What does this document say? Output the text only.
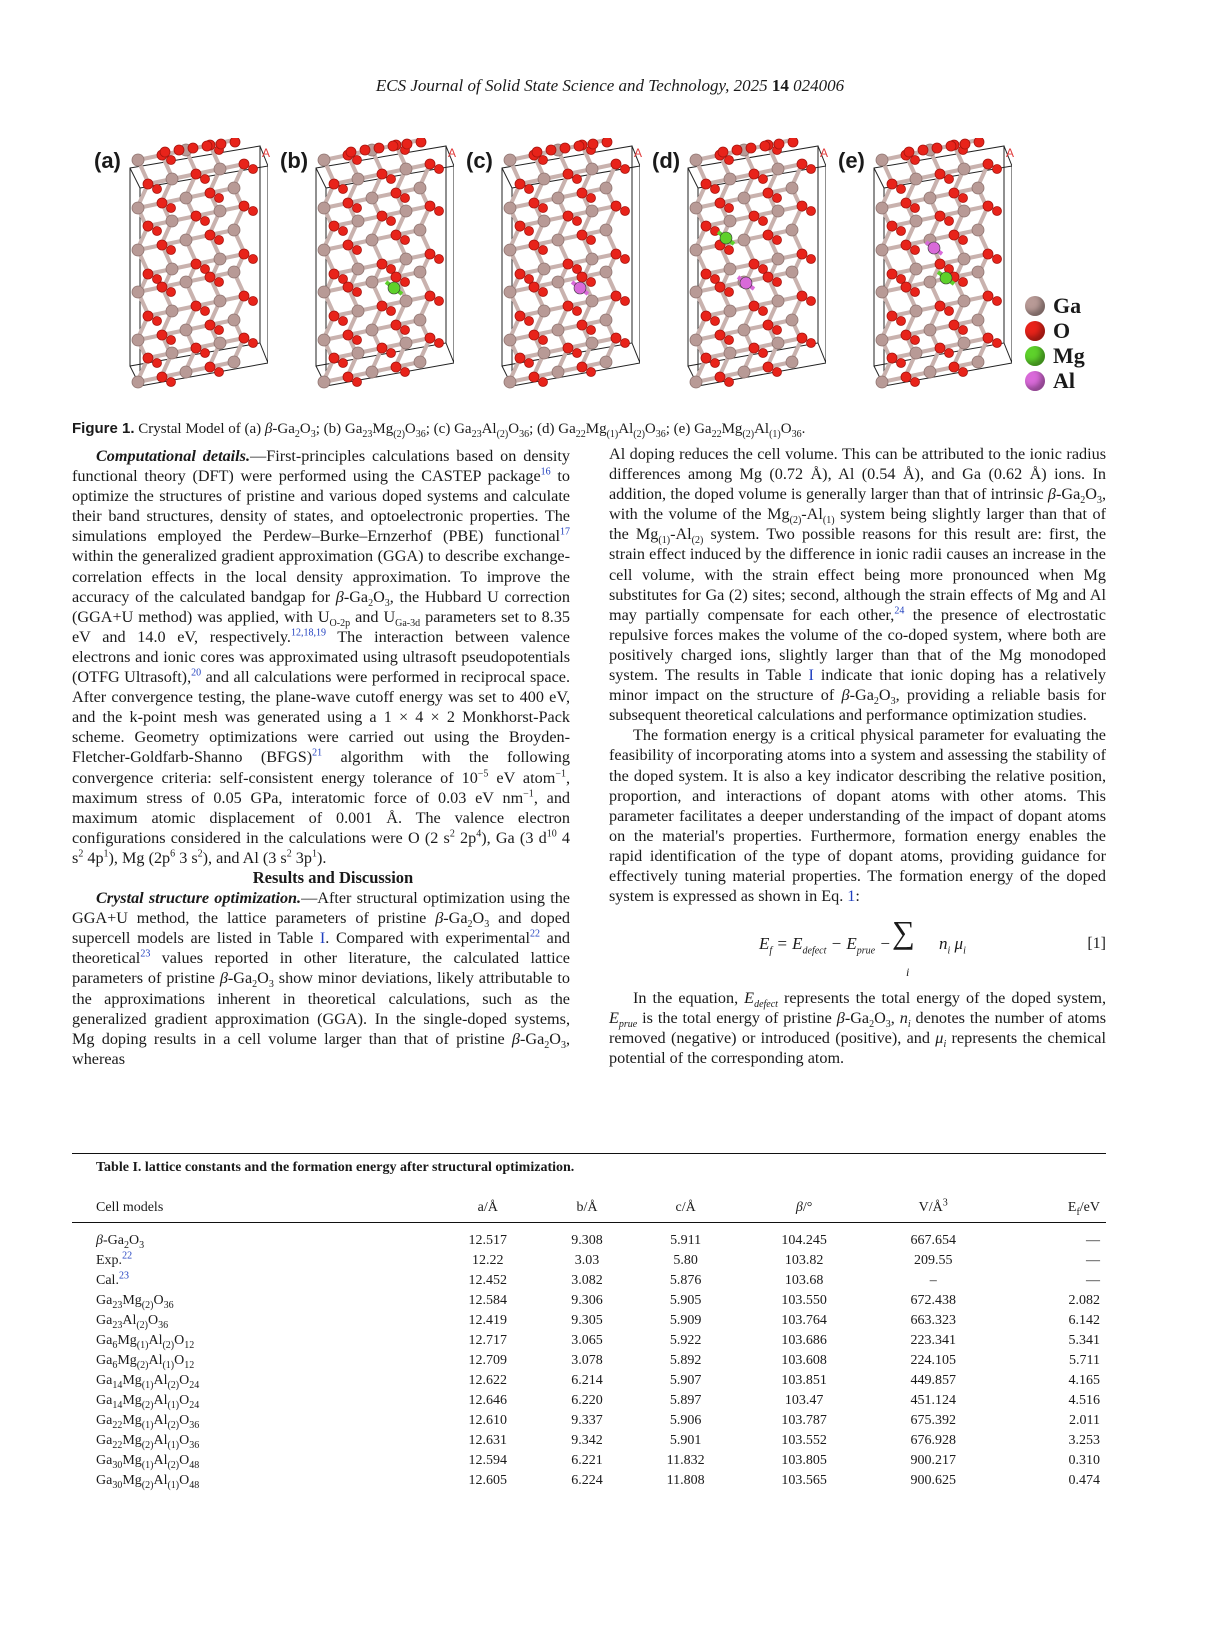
ECS Journal of Solid State Science and Technology, 2025 14 024006
(a)	A (b)	A (c)	A (d)	A (e)	A
Ga
O
Mg
Al
Figure 1. Crystal Model of (a) $\beta-Ga_2O_3$; (b) $Ga_{23}Mg_{(2)}O_{36}$; (c) $Ga_{23}Al_{(2)}O_{36}$; (d) $Ga_{22}Mg_{(1)}Al_{(2)}O_{36}$; (e) $Ga_{22}Mg_{(2)}Al_{(1)}O_{36}$.

Computational details.—First-principles calculations based on density functional theory (DFT) were performed using the CASTEP package$^{16}$ to optimize the structures of pristine and various doped systems and calculate their band structures, density of states, and optoelectronic properties. The simulations employed the Perdew–Burke–Ernzerhof (PBE) functional$^{17}$ within the generalized gradient approximation (GGA) to describe exchange-correlation effects in the local density approximation. To improve the accuracy of the calculated bandgap for $\beta-Ga_2O_3$, the Hubbard U correction (GGA+U method) was applied, with $U_{O-2p}$ and $U_{Ga-3d}$ parameters set to 8.35 eV and 14.0 eV, respectively.$^{12,18,19}$ The interaction between valence electrons and ionic cores was approximated using ultrasoft pseudopotentials (OTFG Ultrasoft),$^{20}$ and all calculations were performed in reciprocal space. After convergence testing, the plane-wave cutoff energy was set to 400 eV, and the k-point mesh was generated using a 1 × 4 × 2 Monkhorst-Pack scheme. Geometry optimizations were carried out using the Broyden-Fletcher-Goldfarb-Shanno (BFGS)$^{21}$ algorithm with the following convergence criteria: self-consistent energy tolerance of $10^{-5}$ eV atom$^{-1}$, maximum stress of 0.05 GPa, interatomic force of 0.03 eV $nm^{-1}$, and maximum atomic displacement of 0.001 Å. The valence electron configurations considered in the calculations were O (2 $s^2$ $2p^4$), Ga (3 $d^{10}$ 4 $s^2$ $4p^1$), Mg ($2p^6$ 3 $s^2$), and Al (3 $s^2$ $3p^1$).

Results and Discussion

Crystal structure optimization.—After structural optimization using the GGA+U method, the lattice parameters of pristine $\beta-Ga_2O_3$ and doped supercell models are listed in Table I. Compared with experimental$^{22}$ and theoretical$^{23}$ values reported in other literature, the calculated lattice parameters of pristine $\beta-Ga_2O_3$ show minor deviations, likely attributable to the approximations inherent in theoretical calculations, such as the generalized gradient approximation (GGA). In the single-doped systems, Mg doping results in a cell volume larger than that of pristine $\beta-Ga_2O_3$, whereas

Al doping reduces the cell volume. This can be attributed to the ionic radius differences among Mg (0.72 Å), Al (0.54 Å), and Ga (0.62 Å) ions. In addition, the doped volume is generally larger than that of intrinsic $\beta-Ga_2O_3$, with the volume of the $Mg_{(2)}-Al_{(1)}$ system being slightly larger than that of the $Mg_{(1)}-Al_{(2)}$ system. Two possible reasons for this result are: first, the strain effect induced by the difference in ionic radii causes an increase in the cell volume, with the strain effect being more pronounced when Mg substitutes for Ga (2) sites; second, although the strain effects of Mg and Al may partially compensate for each other,$^{24}$ the presence of electrostatic repulsive forces makes the volume of the co-doped system, where both are positively charged ions, slightly larger than that of the Mg monodoped system. The results in Table I indicate that ionic doping has a relatively minor impact on the structure of $\beta-Ga_2O_3$, providing a reliable basis for subsequent theoretical calculations and performance optimization studies.

The formation energy is a critical physical parameter for evaluating the feasibility of incorporating atoms into a system and assessing the stability of the doped system. It is also a key indicator describing the relative position, proportion, and interactions of dopant atoms with other atoms. This parameter facilitates a deeper understanding of the impact of dopant atoms on the material's properties. Furthermore, formation energy enables the rapid identification of the type of dopant atoms, providing guidance for effectively tuning material properties. The formation energy of the doped system is expressed as shown in Eq. 1:

$E_f = E_{defect} - E_{prue}$ − ∑
i
$n_i$ $\mu_i$	[1]

In the equation, $E_{defect}$ represents the total energy of the doped system, $E_{prue}$ is the total energy of pristine $\beta-Ga_2O_3$, $n_i$ denotes the number of atoms removed (negative) or introduced (positive), and $\mu_i$ represents the chemical potential of the corresponding atom.

Table I. lattice constants and the formation energy after structural optimization.
Cell models	a/Å	b/Å	c/Å	β/°	$V/Å^3$	$E_f/eV$
$\beta-Ga_2O_3$	12.517	9.308	5.911	104.245	667.654	—
Exp.$^{22}$	12.22	3.03	5.80	103.82	209.55	—
Cal.$^{23}$	12.452	3.082	5.876	103.68	–	—
$Ga_{23}Mg_{(2)}O_{36}$	12.584	9.306	5.905	103.550	672.438	2.082
$Ga_{23}Al_{(2)}O_{36}$	12.419	9.305	5.909	103.764	663.323	6.142
$Ga_6Mg_{(1)}Al_{(2)}O_{12}$	12.717	3.065	5.922	103.686	223.341	5.341
$Ga_6Mg_{(2)}Al_{(1)}O_{12}$	12.709	3.078	5.892	103.608	224.105	5.711
$Ga_{14}Mg_{(1)}Al_{(2)}O_{24}$	12.622	6.214	5.907	103.851	449.857	4.165
$Ga_{14}Mg_{(2)}Al_{(1)}O_{24}$	12.646	6.220	5.897	103.47	451.124	4.516
$Ga_{22}Mg_{(1)}Al_{(2)}O_{36}$	12.610	9.337	5.906	103.787	675.392	2.011
$Ga_{22}Mg_{(2)}Al_{(1)}O_{36}$	12.631	9.342	5.901	103.552	676.928	3.253
$Ga_{30}Mg_{(1)}Al_{(2)}O_{48}$	12.594	6.221	11.832	103.805	900.217	0.310
$Ga_{30}Mg_{(2)}Al_{(1)}O_{48}$	12.605	6.224	11.808	103.565	900.625	0.474
